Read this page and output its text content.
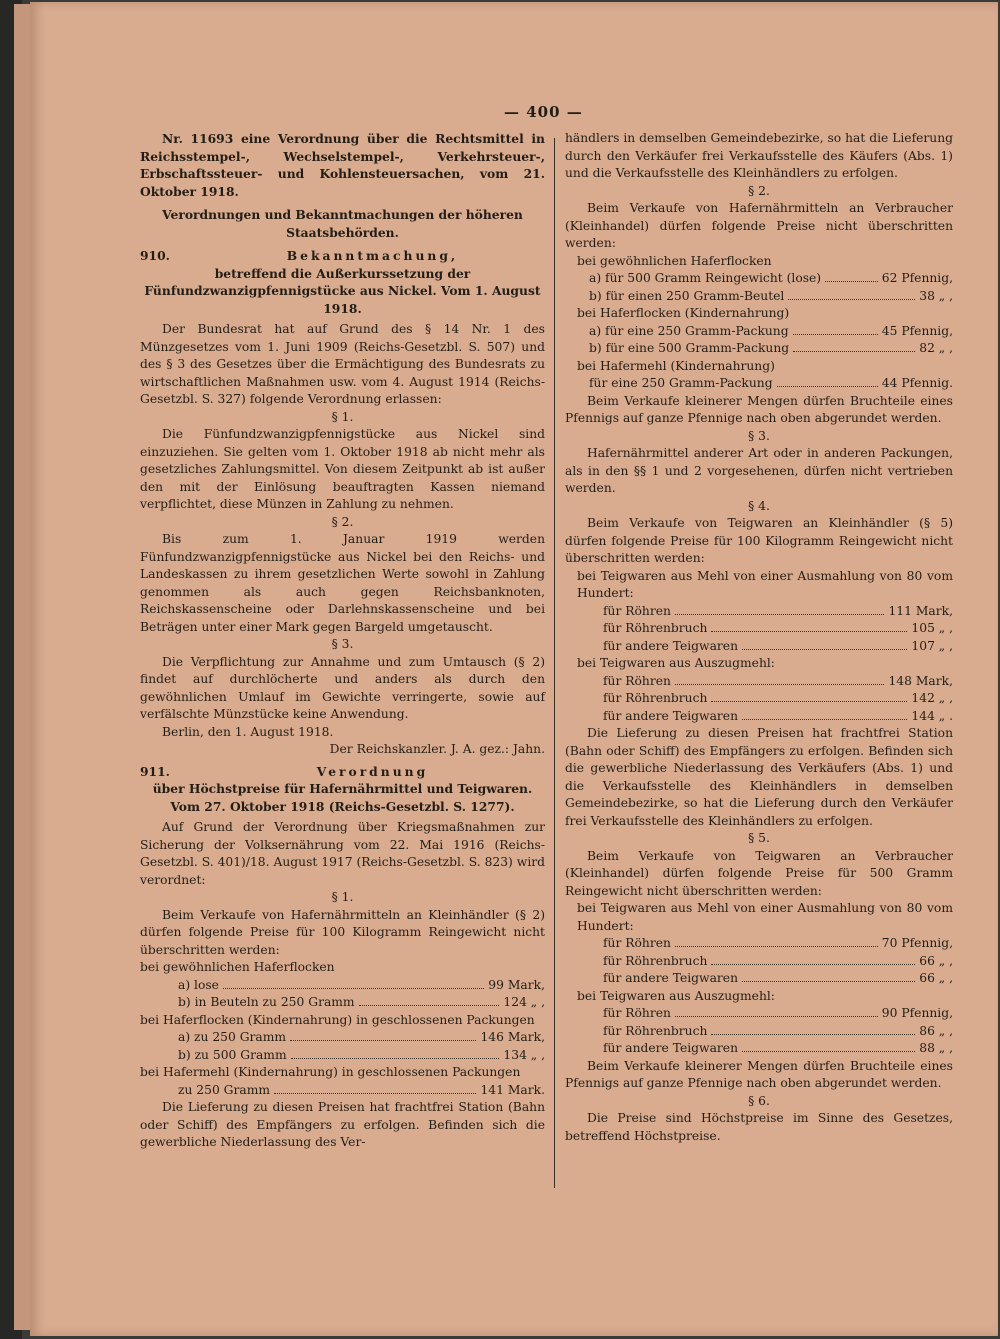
— 400 —

Nr. 11693 eine Verordnung über die Rechtsmittel in Reichsstempel-, Wechselstempel-, Verkehrsteuer-, Erbschaftssteuer- und Kohlensteuersachen, vom 21. Oktober 1918.

Verordnungen und Bekanntmachungen der höheren Staatsbehörden.

910.	Bekanntmachung,

betreffend die Außerkurssetzung der Fünfundzwanzigpfennigstücke aus Nickel. Vom 1. August 1918.

Der Bundesrat hat auf Grund des § 14 Nr. 1 des Münzgesetzes vom 1. Juni 1909 (Reichs-Gesetzbl. S. 507) und des § 3 des Gesetzes über die Ermächtigung des Bundesrats zu wirtschaftlichen Maßnahmen usw. vom 4. August 1914 (Reichs-Gesetzbl. S. 327) folgende Verordnung erlassen:

§ 1.

Die Fünfundzwanzigpfennigstücke aus Nickel sind einzuziehen. Sie gelten vom 1. Oktober 1918 ab nicht mehr als gesetzliches Zahlungsmittel. Von diesem Zeitpunkt ab ist außer den mit der Einlösung beauftragten Kassen niemand verpflichtet, diese Münzen in Zahlung zu nehmen.

§ 2.

Bis zum 1. Januar 1919 werden Fünfundzwanzigpfennigstücke aus Nickel bei den Reichs- und Landeskassen zu ihrem gesetzlichen Werte sowohl in Zahlung genommen als auch gegen Reichsbanknoten, Reichskassenscheine oder Darlehnskassenscheine und bei Beträgen unter einer Mark gegen Bargeld umgetauscht.

§ 3.

Die Verpflichtung zur Annahme und zum Umtausch (§ 2) findet auf durchlöcherte und anders als durch den gewöhnlichen Umlauf im Gewichte verringerte, sowie auf verfälschte Münzstücke keine Anwendung.

Berlin, den 1. August 1918.

Der Reichskanzler. J. A. gez.: Jahn.

911.	Verordnung

über Höchstpreise für Hafernährmittel und Teigwaren.

Vom 27. Oktober 1918 (Reichs-Gesetzbl. S. 1277).

Auf Grund der Verordnung über Kriegsmaßnahmen zur Sicherung der Volksernährung vom 22. Mai 1916 (Reichs-Gesetzbl. S. 401)/18. August 1917 (Reichs-Gesetzbl. S. 823) wird verordnet:

§ 1.

Beim Verkaufe von Hafernährmitteln an Kleinhändler (§ 2) dürfen folgende Preise für 100 Kilogramm Reingewicht nicht überschritten werden:

bei gewöhnlichen Haferflocken

a) lose	99 Mark,
b) in Beuteln zu 250 Gramm	124 „ ,

bei Haferflocken (Kindernahrung) in geschlossenen Packungen

a) zu 250 Gramm	146 Mark,
b) zu 500 Gramm	134 „ ,

bei Hafermehl (Kindernahrung) in geschlossenen Packungen

zu 250 Gramm	141 Mark.

Die Lieferung zu diesen Preisen hat frachtfrei Station (Bahn oder Schiff) des Empfängers zu erfolgen. Befinden sich die gewerbliche Niederlassung des Ver-

händlers in demselben Gemeindebezirke, so hat die Lieferung durch den Verkäufer frei Verkaufsstelle des Käufers (Abs. 1) und die Verkaufsstelle des Kleinhändlers zu erfolgen.

§ 2.

Beim Verkaufe von Hafernährmitteln an Verbraucher (Kleinhandel) dürfen folgende Preise nicht überschritten werden:

bei gewöhnlichen Haferflocken

a) für 500 Gramm Reingewicht (lose)	62 Pfennig,
b) für einen 250 Gramm-Beutel	38 „ ,

bei Haferflocken (Kindernahrung)

a) für eine 250 Gramm-Packung	45 Pfennig,
b) für eine 500 Gramm-Packung	82 „ ,

bei Hafermehl (Kindernahrung)

für eine 250 Gramm-Packung	44 Pfennig.

Beim Verkaufe kleinerer Mengen dürfen Bruchteile eines Pfennigs auf ganze Pfennige nach oben abgerundet werden.

§ 3.

Hafernährmittel anderer Art oder in anderen Packungen, als in den §§ 1 und 2 vorgesehenen, dürfen nicht vertrieben werden.

§ 4.

Beim Verkaufe von Teigwaren an Kleinhändler (§ 5) dürfen folgende Preise für 100 Kilogramm Reingewicht nicht überschritten werden:

bei Teigwaren aus Mehl von einer Ausmahlung von 80 vom Hundert:

für Röhren	111 Mark,
für Röhrenbruch	105 „ ,
für andere Teigwaren	107 „ ,

bei Teigwaren aus Auszugmehl:

für Röhren	148 Mark,
für Röhrenbruch	142 „ ,
für andere Teigwaren	144 „ .

Die Lieferung zu diesen Preisen hat frachtfrei Station (Bahn oder Schiff) des Empfängers zu erfolgen. Befinden sich die gewerbliche Niederlassung des Verkäufers (Abs. 1) und die Verkaufsstelle des Kleinhändlers in demselben Gemeindebezirke, so hat die Lieferung durch den Verkäufer frei Verkaufsstelle des Kleinhändlers zu erfolgen.

§ 5.

Beim Verkaufe von Teigwaren an Verbraucher (Kleinhandel) dürfen folgende Preise für 500 Gramm Reingewicht nicht überschritten werden:

bei Teigwaren aus Mehl von einer Ausmahlung von 80 vom Hundert:

für Röhren	70 Pfennig,
für Röhrenbruch	66 „ ,
für andere Teigwaren	66 „ ,

bei Teigwaren aus Auszugmehl:

für Röhren	90 Pfennig,
für Röhrenbruch	86 „ ,
für andere Teigwaren	88 „ ,

Beim Verkaufe kleinerer Mengen dürfen Bruchteile eines Pfennigs auf ganze Pfennige nach oben abgerundet werden.

§ 6.

Die Preise sind Höchstpreise im Sinne des Gesetzes, betreffend Höchstpreise.
